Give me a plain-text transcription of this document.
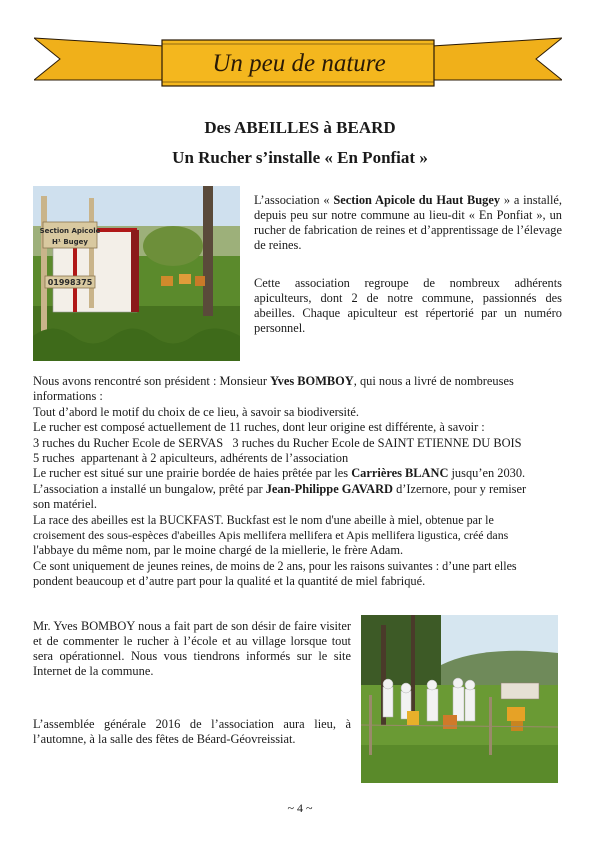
Un peu de nature
Des ABEILLES à BEARD
Un Rucher s’installe « En Ponfiat »
Section Apicole
H¹ Bugey
01998375
L’association « Section Apicole du Haut Bugey » a installé, depuis peu sur notre commune au lieu-dit « En Ponfiat », un rucher de fabrication de reines et d’apprentissage de l’élevage de reines.
Cette association regroupe de nombreux adhérents apiculteurs, dont 2 de notre commune, passionnés des abeilles. Chaque apiculteur est répertorié par un numéro personnel.
Nous avons rencontré son président : Monsieur Yves BOMBOY, qui nous a livré de nombreuses
informations :
Tout d’abord le motif du choix de ce lieu, à savoir sa biodiversité.
Le rucher est composé actuellement de 11 ruches, dont leur origine est différente, à savoir :
3 ruches du Rucher Ecole de SERVAS   3 ruches du Rucher Ecole de SAINT ETIENNE DU BOIS
5 ruches  appartenant à 2 apiculteurs, adhérents de l’association
Le rucher est situé sur une prairie bordée de haies prêtée par les Carrières BLANC jusqu’en 2030.
L’association a installé un bungalow, prêté par Jean-Philippe GAVARD d’Izernore, pour y remiser
son matériel.
La race des abeilles est la BUCKFAST. Buckfast est le nom d'une abeille à miel, obtenue par le
croisement des sous-espèces d'abeilles Apis mellifera mellifera et Apis mellifera ligustica, créé dans
l'abbaye du même nom, par le moine chargé de la miellerie, le frère Adam.
Ce sont uniquement de jeunes reines, de moins de 2 ans, pour les raisons suivantes : d’une part elles
pondent beaucoup et d’autre part pour la qualité et la quantité de miel fabriqué.
Mr. Yves BOMBOY nous a fait part de son désir de faire visiter et de commenter le rucher à l’école et au village lorsque tout sera opérationnel. Nous vous tiendrons informés sur le site Internet de la commune.
L’assemblée générale 2016 de l’association aura lieu, à l’automne, à la salle des fêtes de Béard-Géovreissiat.
~ 4 ~
